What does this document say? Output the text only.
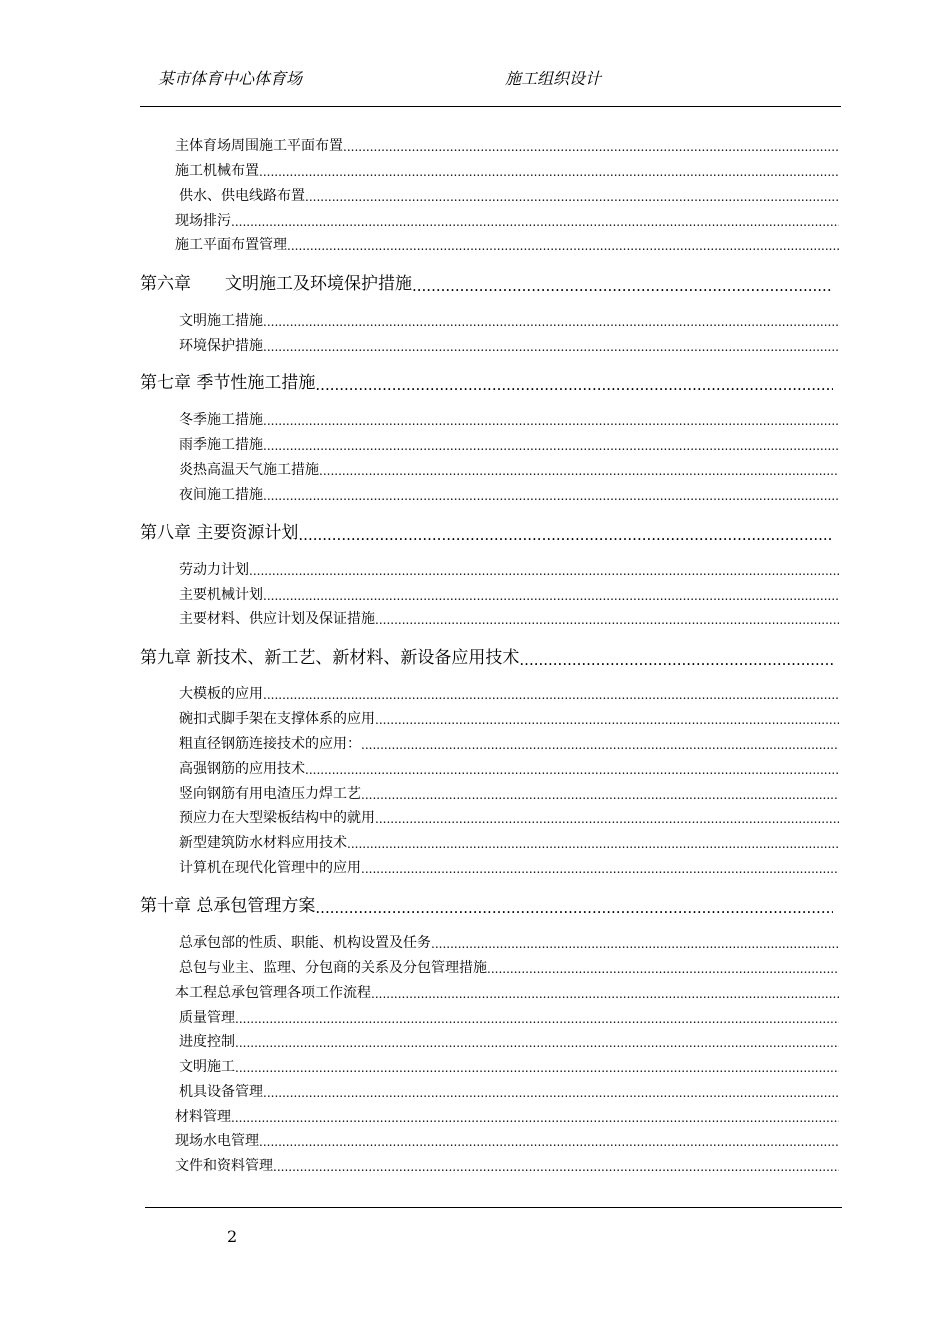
某市体育中心体育场	施工组织设计
主体育场周围施工平面布置
.....
施工机械布置
.....
供水、供电线路布置
.....
现场排污
.....
施工平面布置管理
.....
第六章　　文明施工及环境保护措施
.....
文明施工措施
.....
环境保护措施
.....
第七章 季节性施工措施
.....
冬季施工措施
.....
雨季施工措施
.....
炎热高温天气施工措施
.....
夜间施工措施
.....
第八章 主要资源计划
.....
劳动力计划
.....
主要机械计划
.....
主要材料、供应计划及保证措施
.....
第九章 新技术、新工艺、新材料、新设备应用技术
.....
大模板的应用
.....
碗扣式脚手架在支撑体系的应用
.....
粗直径钢筋连接技术的应用：
.....
高强钢筋的应用技术
.....
竖向钢筋有用电渣压力焊工艺
.....
预应力在大型梁板结构中的就用
.....
新型建筑防水材料应用技术
.....
计算机在现代化管理中的应用
.....
第十章 总承包管理方案
.....
总承包部的性质、职能、机构设置及任务
.....
总包与业主、监理、分包商的关系及分包管理措施
.....
本工程总承包管理各项工作流程
.....
质量管理
.....
进度控制
.....
文明施工
.....
机具设备管理
.....
材料管理
.....
现场水电管理
.....
文件和资料管理
.....
2
